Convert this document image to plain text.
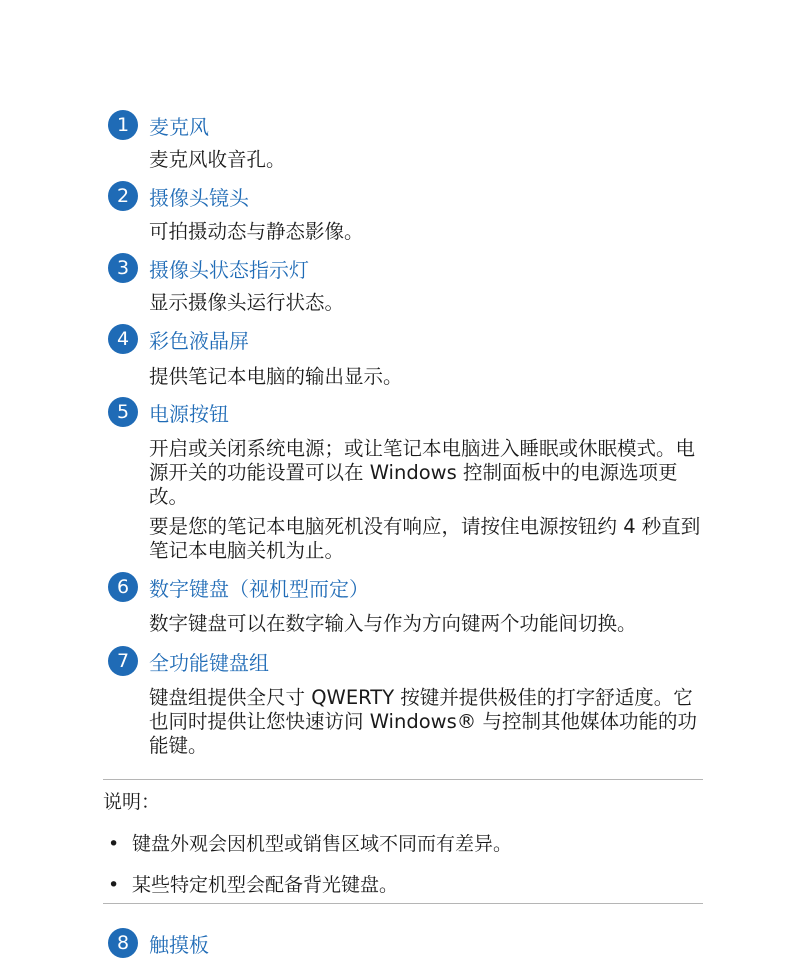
1 麦克风
麦克风收音孔。
2 摄像头镜头
可拍摄动态与静态影像。
3 摄像头状态指示灯
显示摄像头运行状态。
4 彩色液晶屏
提供笔记本电脑的输出显示。
5 电源按钮
开启或关闭系统电源；或让笔记本电脑进入睡眠或休眠模式。电源开关的功能设置可以在 Windows 控制面板中的电源选项更改。
要是您的笔记本电脑死机没有响应，请按住电源按钮约 4 秒直到笔记本电脑关机为止。
6 数字键盘（视机型而定）
数字键盘可以在数字输入与作为方向键两个功能间切换。
7 全功能键盘组
键盘组提供全尺寸 QWERTY 按键并提供极佳的打字舒适度。它也同时提供让您快速访问 Windows® 与控制其他媒体功能的功能键。
说明：
• 键盘外观会因机型或销售区域不同而有差异。
• 某些特定机型会配备背光键盘。
8 触摸板
